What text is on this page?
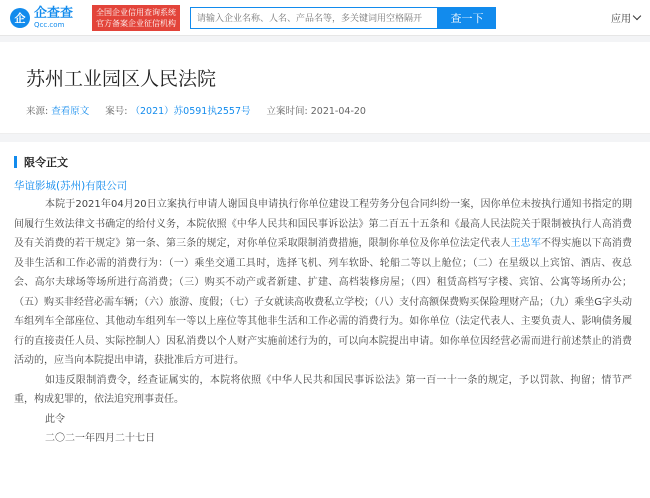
企 企查查
Qcc.com
全国企业信用查询系统
官方备案企业征信机构
请输入企业名称、人名、产品名等，多关键词用空格隔开	查一下	应用
苏州工业园区人民法院
来源: 查看原文 案号: （2021）苏0591执2557号 立案时间: 2021-04-20
限令正文
华谊影城(苏州)有限公司

本院于2021年04月20日立案执行申请人谢国良申请执行你单位建设工程劳务分包合同纠纷一案，因你单位未按执行通知书指定的期间履行生效法律文书确定的给付义务，本院依照《中华人民共和国民事诉讼法》第二百五十五条和《最高人民法院关于限制被执行人高消费及有关消费的若干规定》第一条、第三条的规定，对你单位采取限制消费措施，限制你单位及你单位法定代表人王忠军不得实施以下高消费及非生活和工作必需的消费行为：（一）乘坐交通工具时，选择飞机、列车软卧、轮船二等以上舱位；（二）在星级以上宾馆、酒店、夜总会、高尔夫球场等场所进行高消费；（三）购买不动产或者新建、扩建、高档装修房屋；（四）租赁高档写字楼、宾馆、公寓等场所办公；（五）购买非经营必需车辆；（六）旅游、度假；（七）子女就读高收费私立学校；（八）支付高额保费购买保险理财产品；（九）乘坐G字头动车组列车全部座位、其他动车组列车一等以上座位等其他非生活和工作必需的消费行为。如你单位（法定代表人、主要负责人、影响债务履行的直接责任人员、实际控制人）因私消费以个人财产实施前述行为的，可以向本院提出申请。如你单位因经营必需而进行前述禁止的消费活动的，应当向本院提出申请，获批准后方可进行。

如违反限制消费令，经查证属实的，本院将依照《中华人民共和国民事诉讼法》第一百一十一条的规定，予以罚款、拘留；情节严重，构成犯罪的，依法追究刑事责任。

此令

二〇二一年四月二十七日
